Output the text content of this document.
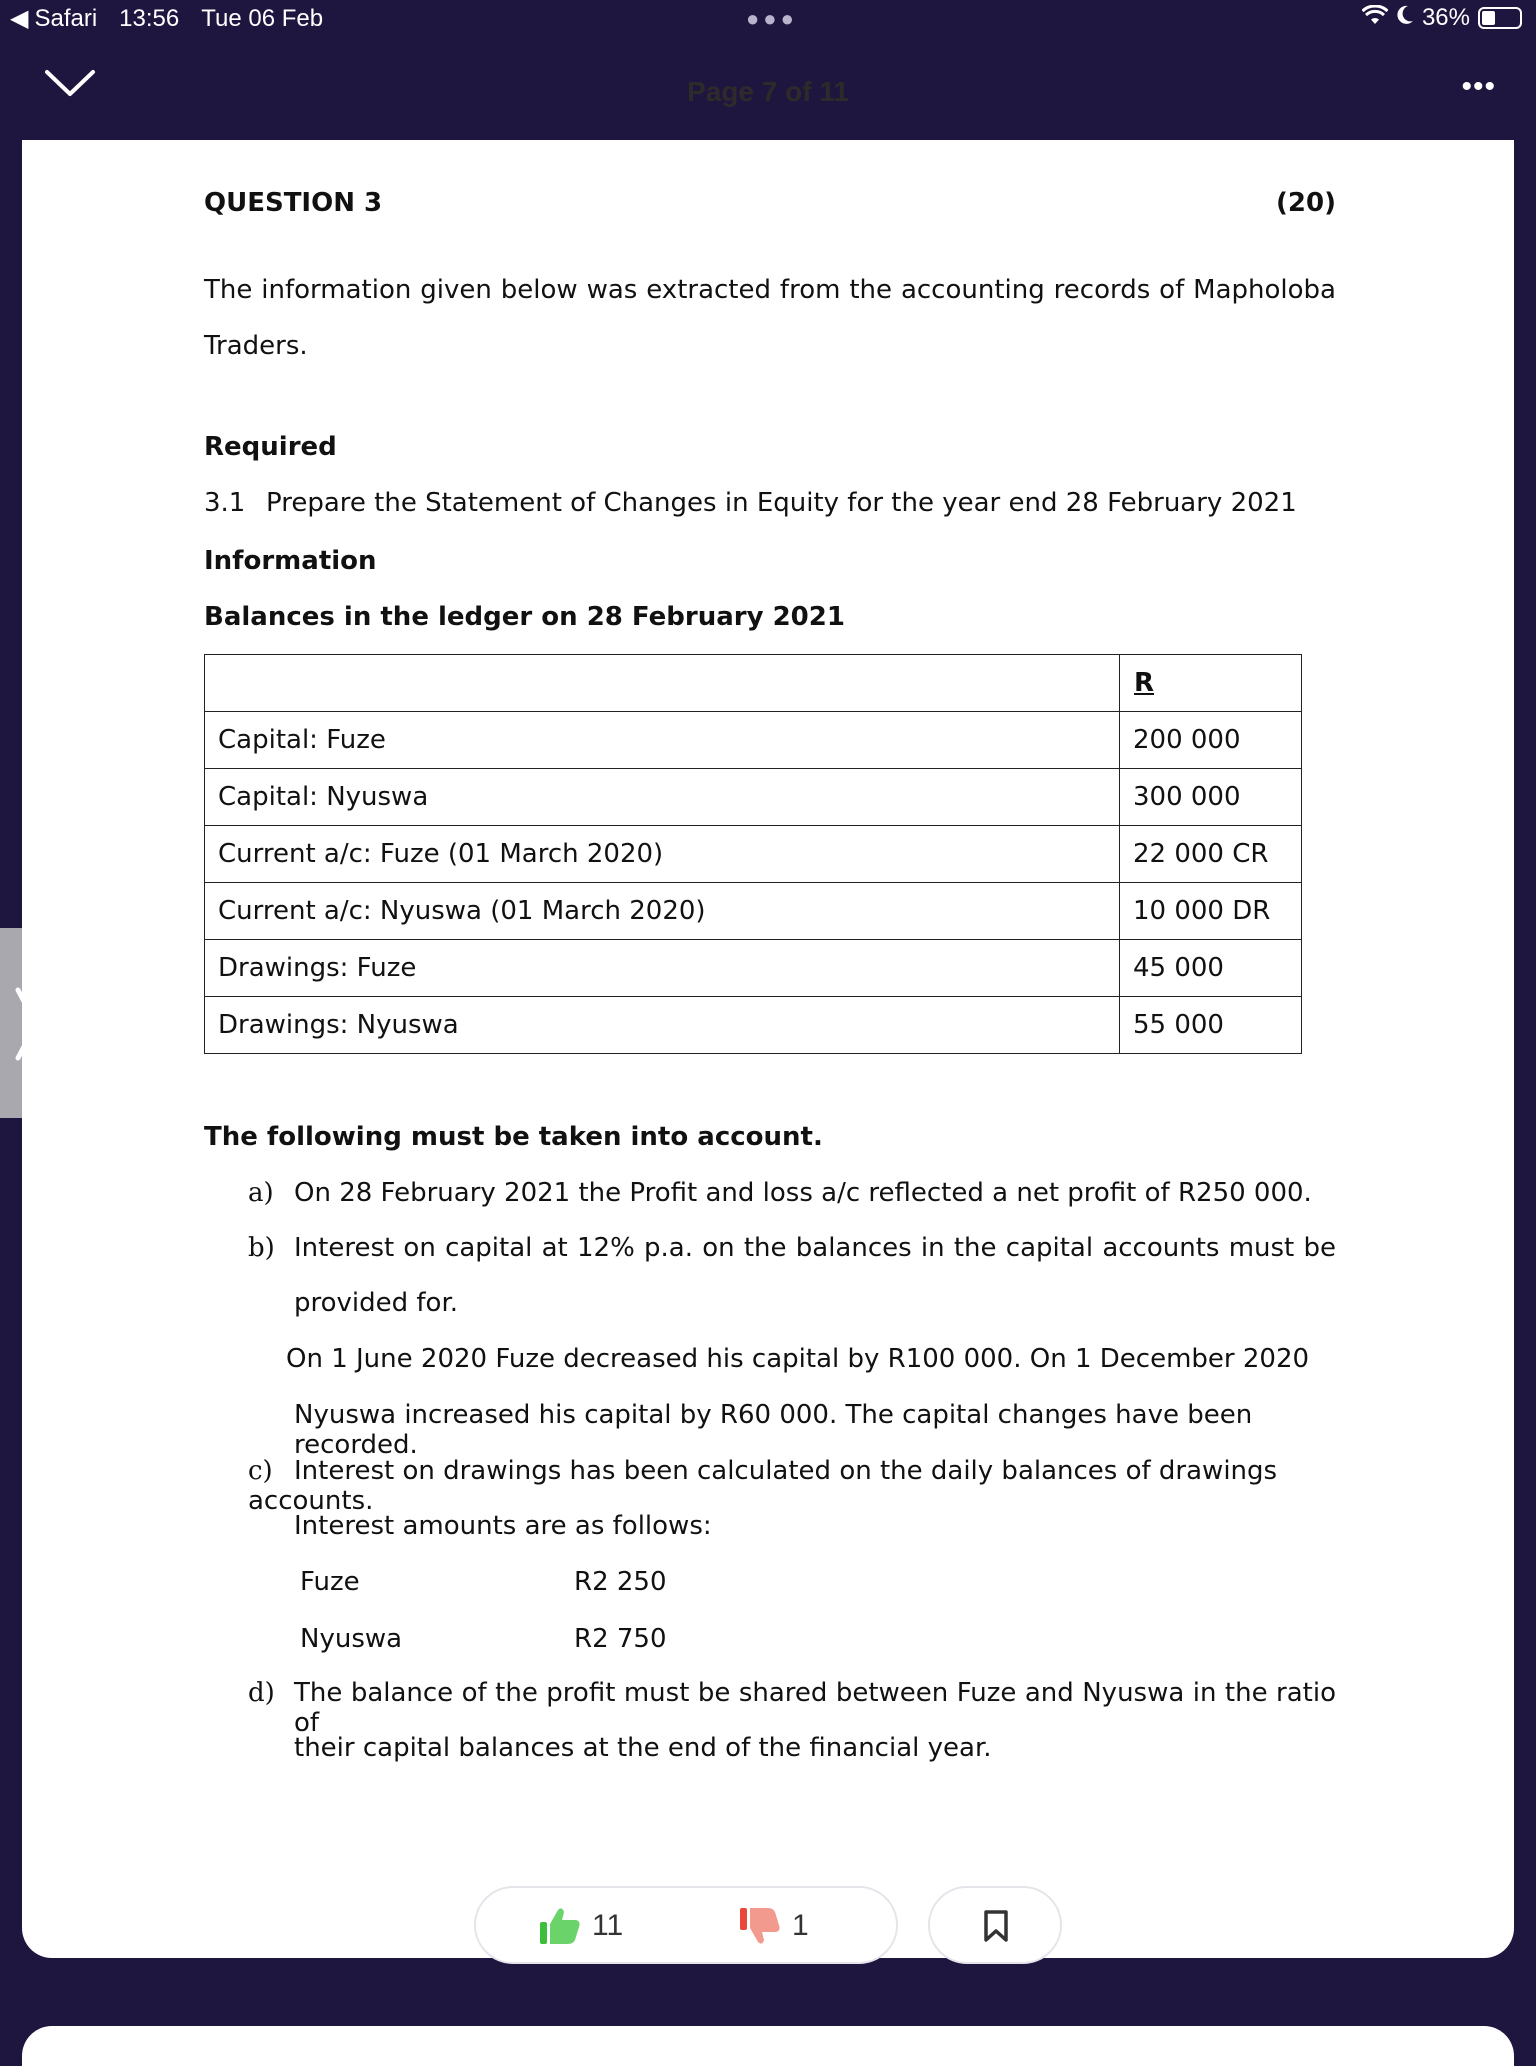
◀ Safari 13:56 Tue 06 Feb	●●●	36%
Page 7 of 11	•••
QUESTION 3	(20)
The information given below was extracted from the accounting records of Mapholoba Traders.
Required
3.1 Prepare the Statement of Changes in Equity for the year end 28 February 2021
Information
Balances in the ledger on 28 February 2021
	R
Capital: Fuze	200 000
Capital: Nyuswa	300 000
Current a/c: Fuze (01 March 2020)	22 000 CR
Current a/c: Nyuswa (01 March 2020)	10 000 DR
Drawings: Fuze	45 000
Drawings: Nyuswa	55 000
The following must be taken into account.
a) On 28 February 2021 the Profit and loss a/c reflected a net profit of R250 000.
b) Interest on capital at 12% p.a. on the balances in the capital accounts must be
provided for.
On 1 June 2020 Fuze decreased his capital by R100 000. On 1 December 2020
Nyuswa increased his capital by R60 000. The capital changes have been recorded.
c) Interest on drawings has been calculated on the daily balances of drawings accounts.
Interest amounts are as follows:
Fuze	R2 250
Nyuswa	R2 750
d) The balance of the profit must be shared between Fuze and Nyuswa in the ratio of
their capital balances at the end of the financial year.
11	1
